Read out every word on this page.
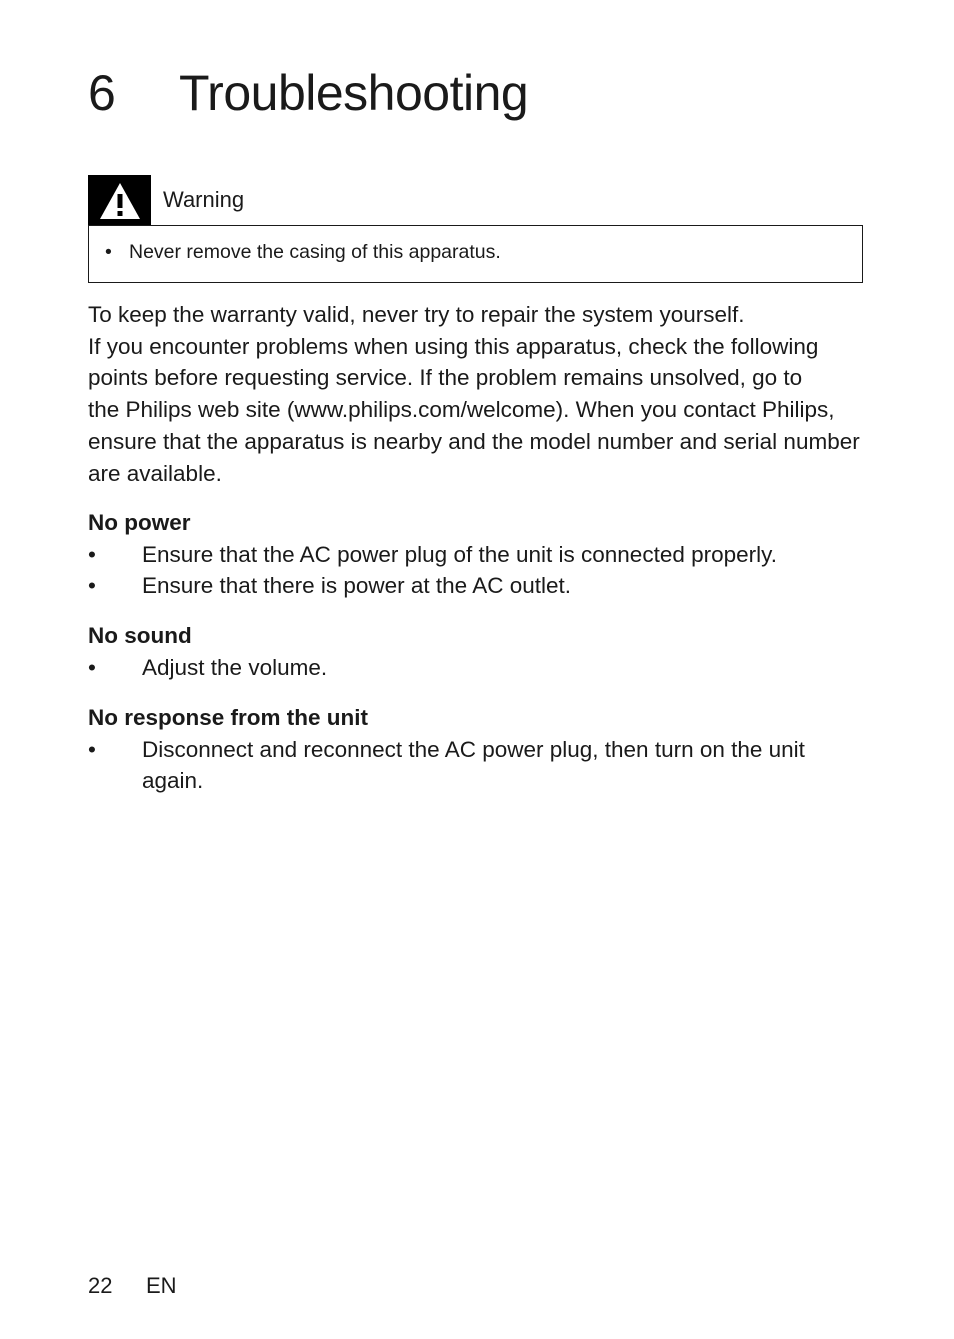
6 Troubleshooting
Warning
• Never remove the casing of this apparatus.

To keep the warranty valid, never try to repair the system yourself.
If you encounter problems when using this apparatus, check the following
points before requesting service. If the problem remains unsolved, go to
the Philips web site (www.philips.com/welcome). When you contact Philips,
ensure that the apparatus is nearby and the model number and serial number
are available.

No power
• Ensure that the AC power plug of the unit is connected properly.
• Ensure that there is power at the AC outlet.
No sound
• Adjust the volume.
No response from the unit
• Disconnect and reconnect the AC power plug, then turn on the unit
again.
22 EN
